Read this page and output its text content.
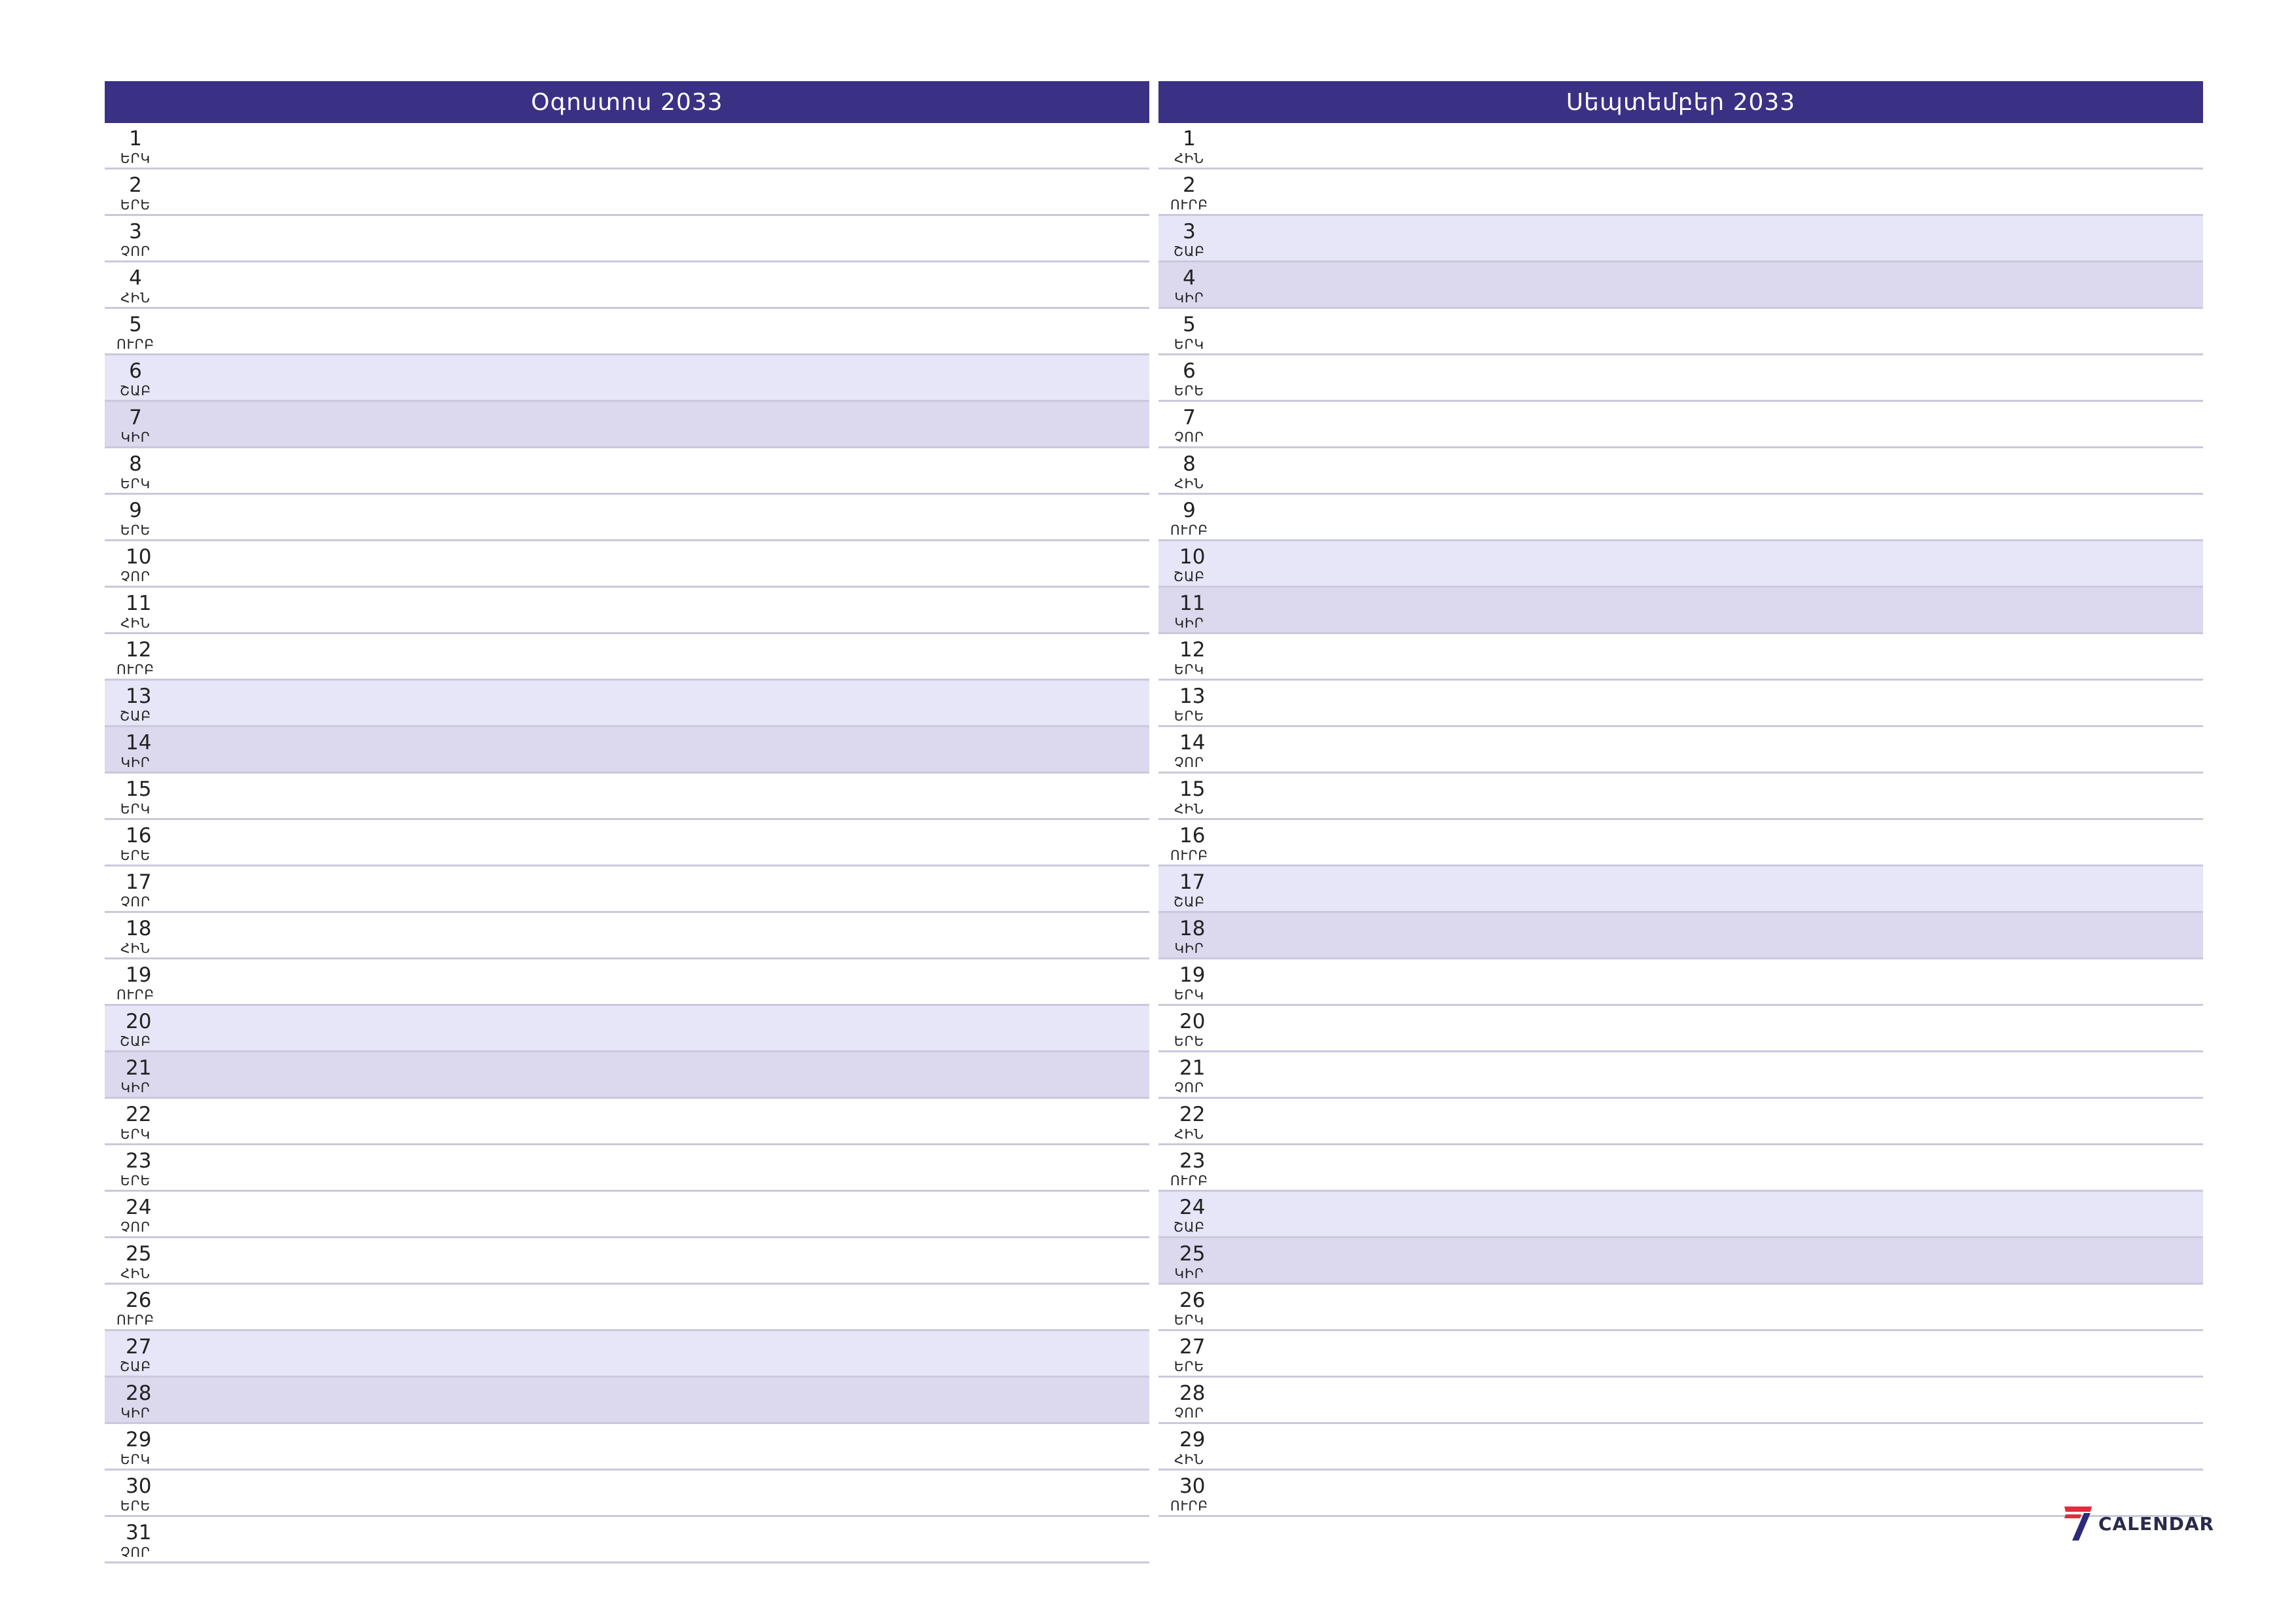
Օգոստոս 2033
1
ԵՐԿ
2
ԵՐԵ
3
ՉՈՐ
4
ՀԻՆ
5
ՈՒՐԲ
6
ՇԱԲ
7
ԿԻՐ
8
ԵՐԿ
9
ԵՐԵ
10
ՉՈՐ
11
ՀԻՆ
12
ՈՒՐԲ
13
ՇԱԲ
14
ԿԻՐ
15
ԵՐԿ
16
ԵՐԵ
17
ՉՈՐ
18
ՀԻՆ
19
ՈՒՐԲ
20
ՇԱԲ
21
ԿԻՐ
22
ԵՐԿ
23
ԵՐԵ
24
ՉՈՐ
25
ՀԻՆ
26
ՈՒՐԲ
27
ՇԱԲ
28
ԿԻՐ
29
ԵՐԿ
30
ԵՐԵ
31
ՉՈՐ
Սեպտեմբեր 2033
1
ՀԻՆ
2
ՈՒՐԲ
3
ՇԱԲ
4
ԿԻՐ
5
ԵՐԿ
6
ԵՐԵ
7
ՉՈՐ
8
ՀԻՆ
9
ՈՒՐԲ
10
ՇԱԲ
11
ԿԻՐ
12
ԵՐԿ
13
ԵՐԵ
14
ՉՈՐ
15
ՀԻՆ
16
ՈՒՐԲ
17
ՇԱԲ
18
ԿԻՐ
19
ԵՐԿ
20
ԵՐԵ
21
ՉՈՐ
22
ՀԻՆ
23
ՈՒՐԲ
24
ՇԱԲ
25
ԿԻՐ
26
ԵՐԿ
27
ԵՐԵ
28
ՉՈՐ
29
ՀԻՆ
30
ՈՒՐԲ
CALENDAR
